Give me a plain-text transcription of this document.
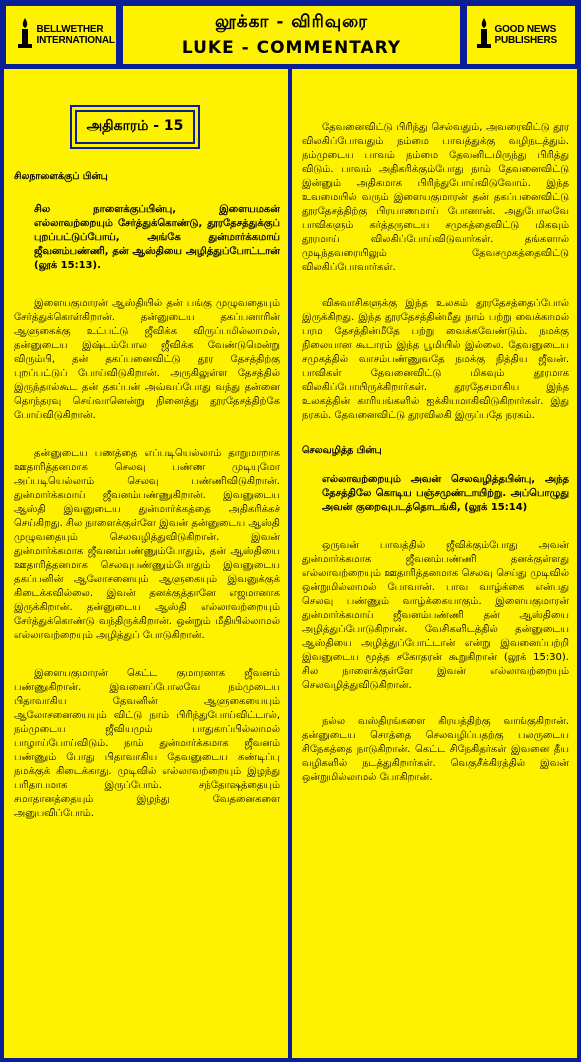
BELLWETHER INTERNATIONAL
லூக்கா - விரிவுரை
LUKE - COMMENTARY
GOOD NEWS PUBLISHERS
அதிகாரம் - 15
சிலநாளைக்குப் பின்பு
சில நாளைக்குப்பின்பு, இளையமகன் எல்லாவற்றையும் சேர்த்துக்கொண்டு, தூரதேசத்துக்குப் புறப்பட்டுப்போய், அங்கே துன்மார்க்கமாய் ஜீவனம்பண்ணி, தன் ஆஸ்தியை அழித்துப்போட்டான் (லூக் 15:13).

இளையகுமாரன் ஆஸ்தியில் தன் பங்கு முழுவதையும் சேர்த்துக்கொள்கிறான். தன்னுடைய தகப்பனாரின் ஆளுகைக்கு உட்பட்டு ஜீவிக்க விருப்பமில்லாமல், தன்னுடைய இஷ்டம்போல ஜீவிக்க வேண்டுமென்று விரும்பி, தன் தகப்பனைவிட்டு தூர தேசத்திற்கு புறப்பட்டுப் போய்விடுகிறான். அருகிலுள்ள தேசத்தில் இருந்தால்கூட தன் தகப்பன் அவ்வப்போது வந்து தன்னை தொந்தரவு செய்வானென்று நினைத்து தூரதேசத்திற்கே போய்விடுகிறான்.

தன்னுடைய பணத்தை எப்படியெல்லாம் தாறுமாறாக ஊதாரித்தனமாக செலவு பண்ண முடியுமோ அப்படியெல்லாம் செலவு பண்ணிவிடுகிறான். துன்மார்க்கமாய் ஜீவனம்பண்ணுகிறான். இவனுடைய ஆஸ்தி இவனுடைய துன்மார்க்கத்தை அதிகரிக்கச் செய்கிறது. சில நாளைக்குள்ளே இவன் தன்னுடைய ஆஸ்தி முழுவதையும் செலவழித்துவிடுகிறான். இவன் துன்மார்க்கமாக ஜீவனம்பண்ணும்போதும், தன் ஆஸ்தியை ஊதாரித்தனமாக செலவுபண்ணும்போதும் இவனுடைய தகப்பனின் ஆலோசனையும் ஆளுகையும் இவனுக்குக் கிடைக்கவில்லை. இவன் தனக்குத்தானே எஜமானாக இருக்கிறான். தன்னுடைய ஆஸ்தி எல்லாவற்றையும் சேர்த்துக்கொண்டு வந்திருக்கிறான். ஒன்றும் மீதியில்லாமல் எல்லாவற்றையும் அழித்துப் போடுகிறான்.

இளையகுமாரன் கெட்ட குமாரனாக ஜீவனம் பண்ணுகிறான். இவனைப்போலவே நம்முடைய பிதாவாகிய தேவனின் ஆளுகையையும் ஆலோசனையையும் விட்டு நாம் பிரிந்துபோய்விட்டால், நம்முடைய ஜீவியமும் பாதுகாப்பில்லாமல் பாழாய்போய்விடும். நாம் துன்மார்க்கமாக ஜீவனம் பண்ணும் போது பிதாவாகிய தேவனுடைய கண்டிப்பு நமக்குக் கிடைக்காது. முடிவில் எல்லாவற்றையும் இழந்து பரிதாபமாக இருப்போம். சந்தோஷத்தையும் சமாதானத்தையும் இழந்து வேதனைகளை அனுபவிப்போம்.

தேவனைவிட்டு பிரிந்து செல்வதும், அவரைவிட்டு தூர விலகிப்போவதும் நம்மை பாவத்துக்கு வழிநடத்தும். நம்முடைய பாவம் நம்மை தேவனிடமிருந்து பிரித்து விடும். பாவம் அதிகரிக்கும்போது நாம் தேவனைவிட்டு இன்னும் அதிகமாக பிரிந்துபோய்விடுவோம். இந்த உவமையில் வரும் இளையகுமாரன் தன் தகப்பனைவிட்டு தூரதேசத்திற்கு பிரயாணமாய் போனான். அதுபோலவே பாவிகளும் கர்த்தருடைய சமுகத்தைவிட்டு மிகவும் தூரமாய் விலகிப்போய்விடுவார்கள். தங்களால் முடிந்தவரையிலும் தேவசமுகத்தைவிட்டு விலகிப்போவார்கள்.

விசுவாசிகளுக்கு இந்த உலகம் தூரதேசத்தைப்போல் இருக்கிறது. இந்த தூரதேசத்தின்மீது நாம் பற்று வைக்காமல் பரம தேசத்தின்மீதே பற்று வைக்கவேண்டும். நமக்கு நிலையான கூடாரம் இந்த பூமியில் இல்லை. தேவனுடைய சமுகத்தில் வாசம்பண்ணுவதே நமக்கு நித்திய ஜீவன். பாவிகள் தேவனைவிட்டு மிகவும் தூரமாக விலகிப்போயிருக்கிறார்கள். தூரதேசமாகிய இந்த உலகத்தின் காரியங்களில் ஐக்கியமாகிவிடுகிறார்கள். இது நரகம். தேவனைவிட்டு தூரவிலகி இருப்பதே நரகம்.

செலவழித்த பின்பு
எல்லாவற்றையும் அவன் செலவழித்தபின்பு, அந்த தேசத்திலே கொடிய பஞ்சமுண்டாயிற்று. அப்பொழுது அவன் குறைவுபடத்தொடங்கி, (லூக் 15:14)

ஒருவன் பாவத்தில் ஜீவிக்கும்போது அவன் துன்மார்க்கமாக ஜீவனம்பண்ணி தனக்குள்ளது எல்லாவற்றையும் ஊதாரித்தனமாக செலவு செய்து முடிவில் ஒன்றுமில்லாமல் போவான். பாவ வாழ்க்கை என்பது செலவு பண்ணும் வாழ்க்கையாகும். இளையகுமாரன் துன்மார்க்கமாய் ஜீவனம்பண்ணி தன் ஆஸ்தியை அழித்துப்போடுகிறான். வேசிகளிடத்தில் தன்னுடைய ஆஸ்தியை அழித்துப்போட்டான் என்று இவனைப்பற்றி இவனுடைய மூத்த சகோதரன் கூறுகிறான் (லூக் 15:30). சில நாளைக்குள்ளே இவன் எல்லாவற்றையும் செலவழித்துவிடுகிறான்.

நல்ல வஸ்திரங்களை கிரயத்திற்கு வாங்குகிறான். தன்னுடைய சொத்தை செலவழிப்பதற்கு பலருடைய சிநேகத்தை நாடுகிறான். கெட்ட சிநேகிதர்கள் இவனை தீய வழிகளில் நடத்துகிறார்கள். வெகுசீக்கிரத்தில் இவன் ஒன்றுமில்லாமல் போகிறான்.
